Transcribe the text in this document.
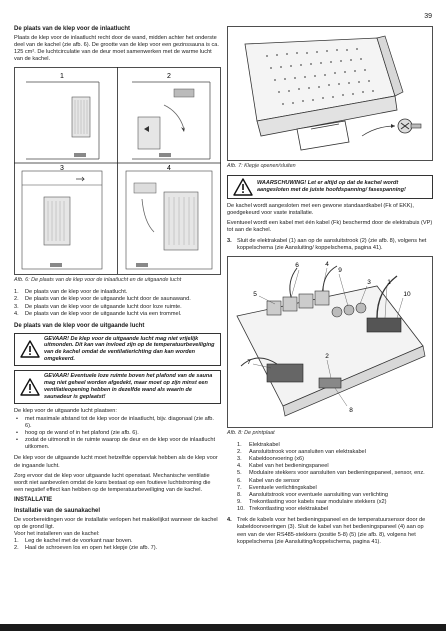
39
De plaats van de klep voor de inlaatlucht

Plaats de klep voor de inlaatlucht recht door de wand, midden achter het onderste deel van de kachel (zie afb. 6). De grootte van de klep voor een gezinssauna is ca. 125 cm². De luchtcirculatie van de deur moet samenwerken met de warme lucht van de kachel.

1	2
3	4
Afb. 6: De plaats van de klep voor de inlaatlucht en de uitgaande lucht
1. De plaats van de klep voor de inlaatlucht.
2. De plaats van de klep voor de uitgaande lucht door de saunawand.
3. De plaats van de klep voor de uitgaande lucht door loze ruimte.
4. De plaats van de klep voor de uitgaande lucht via een trommel.
De plaats van de klep voor de uitgaande lucht
GEVAAR! De klep voor de uitgaande lucht mag niet vrijelijk uitmonden. Dit kan van invloed zijn op de temperatuurbeveiliging van de kachel omdat de ventilatierichting dan kan worden omgekeerd.
GEVAAR! Eventuele loze ruimte boven het plafond van de sauna mag niet geheel worden afgedekt, maar moet op zijn minst een ventilatieopening hebben in dezelfde wand als waarin de saunadeur is geplaatst!

De klep voor de uitgaande lucht plaatsen:

• met maximale afstand tot de klep voor de inlaatlucht, bijv. diagonaal (zie afb. 6).
• hoog op de wand of in het plafond (zie afb. 6).
• zodat de uitmondt in de ruimte waarop de deur en de klep voor de inlaatlucht uitkomen.

De klep voor de uitgaande lucht moet hetzelfde oppervlak hebben als de klep voor de ingaande lucht.

Zorg ervoor dat de klep voor uitgaande lucht openstaat. Mechanische ventilatie wordt niet aanbevolen omdat de kans bestaat op een foutieve luchtstroming die een negatief effect kan hebben op de temperatuurbeveiliging van de kachel.

INSTALLATIE
Installatie van de saunakachel

De voorbereidingen voor de installatie verlopen het makkelijkst wanneer de kachel op de grond ligt.

Voor het installeren van de kachel:

1. Leg de kachel met de voorkant naar boven.
2. Haal de schroeven los en open het klepje (zie afb. 7).
Afb. 7: Klepje openen/sluiten
WAARSCHUWING! Let er altijd op dat de kachel wordt aangesloten met de juiste hoofdspanning/ fasespanning!

De kachel wordt aangesloten met een gewone standaardkabel (Fk of EKK), goedgekeurd voor vaste installatie.

Eventueel wordt een kabel met één kabel (Fk) beschermd door de elektrabuis (VP) tot aan de kachel.

3. Sluit de elektrakabel (1) aan op de aansluitstrook (2) (zie afb. 8), volgens het koppelschema (zie Aansluiting/ koppelschema, pagina 41).
6	4
9
5
3	1
10
7
2
8
Afb. 8: De printplaat
1. Elektrakabel
2. Aansluitstrook voor aansluiten van elektrakabel
3. Kabeldoorvoering (x6)
4. Kabel van het bedieningspaneel
5. Modulaire stekkers voor aansluiten van bedieningspaneel, sensor, enz.
6. Kabel van de sensor
7. Eventuele verlichtingskabel
8. Aansluitstrook voor eventuele aansluiting van verlichting
9. Trekontlasting voor kabels naar modulaire stekkers (x2)
10. Trekontlasting voor elektrakabel
4. Trek de kabels voor het bedieningspaneel en de temperatuursensor door de kabeldoorvoeringen (3). Sluit de kabel van het bedieningspaneel (4) aan op een van de vier RS485-stekkers (positie 5-8) (5) (zie afb. 8), volgens het koppelschema (zie Aansluiting/koppelschema, pagina 41).
